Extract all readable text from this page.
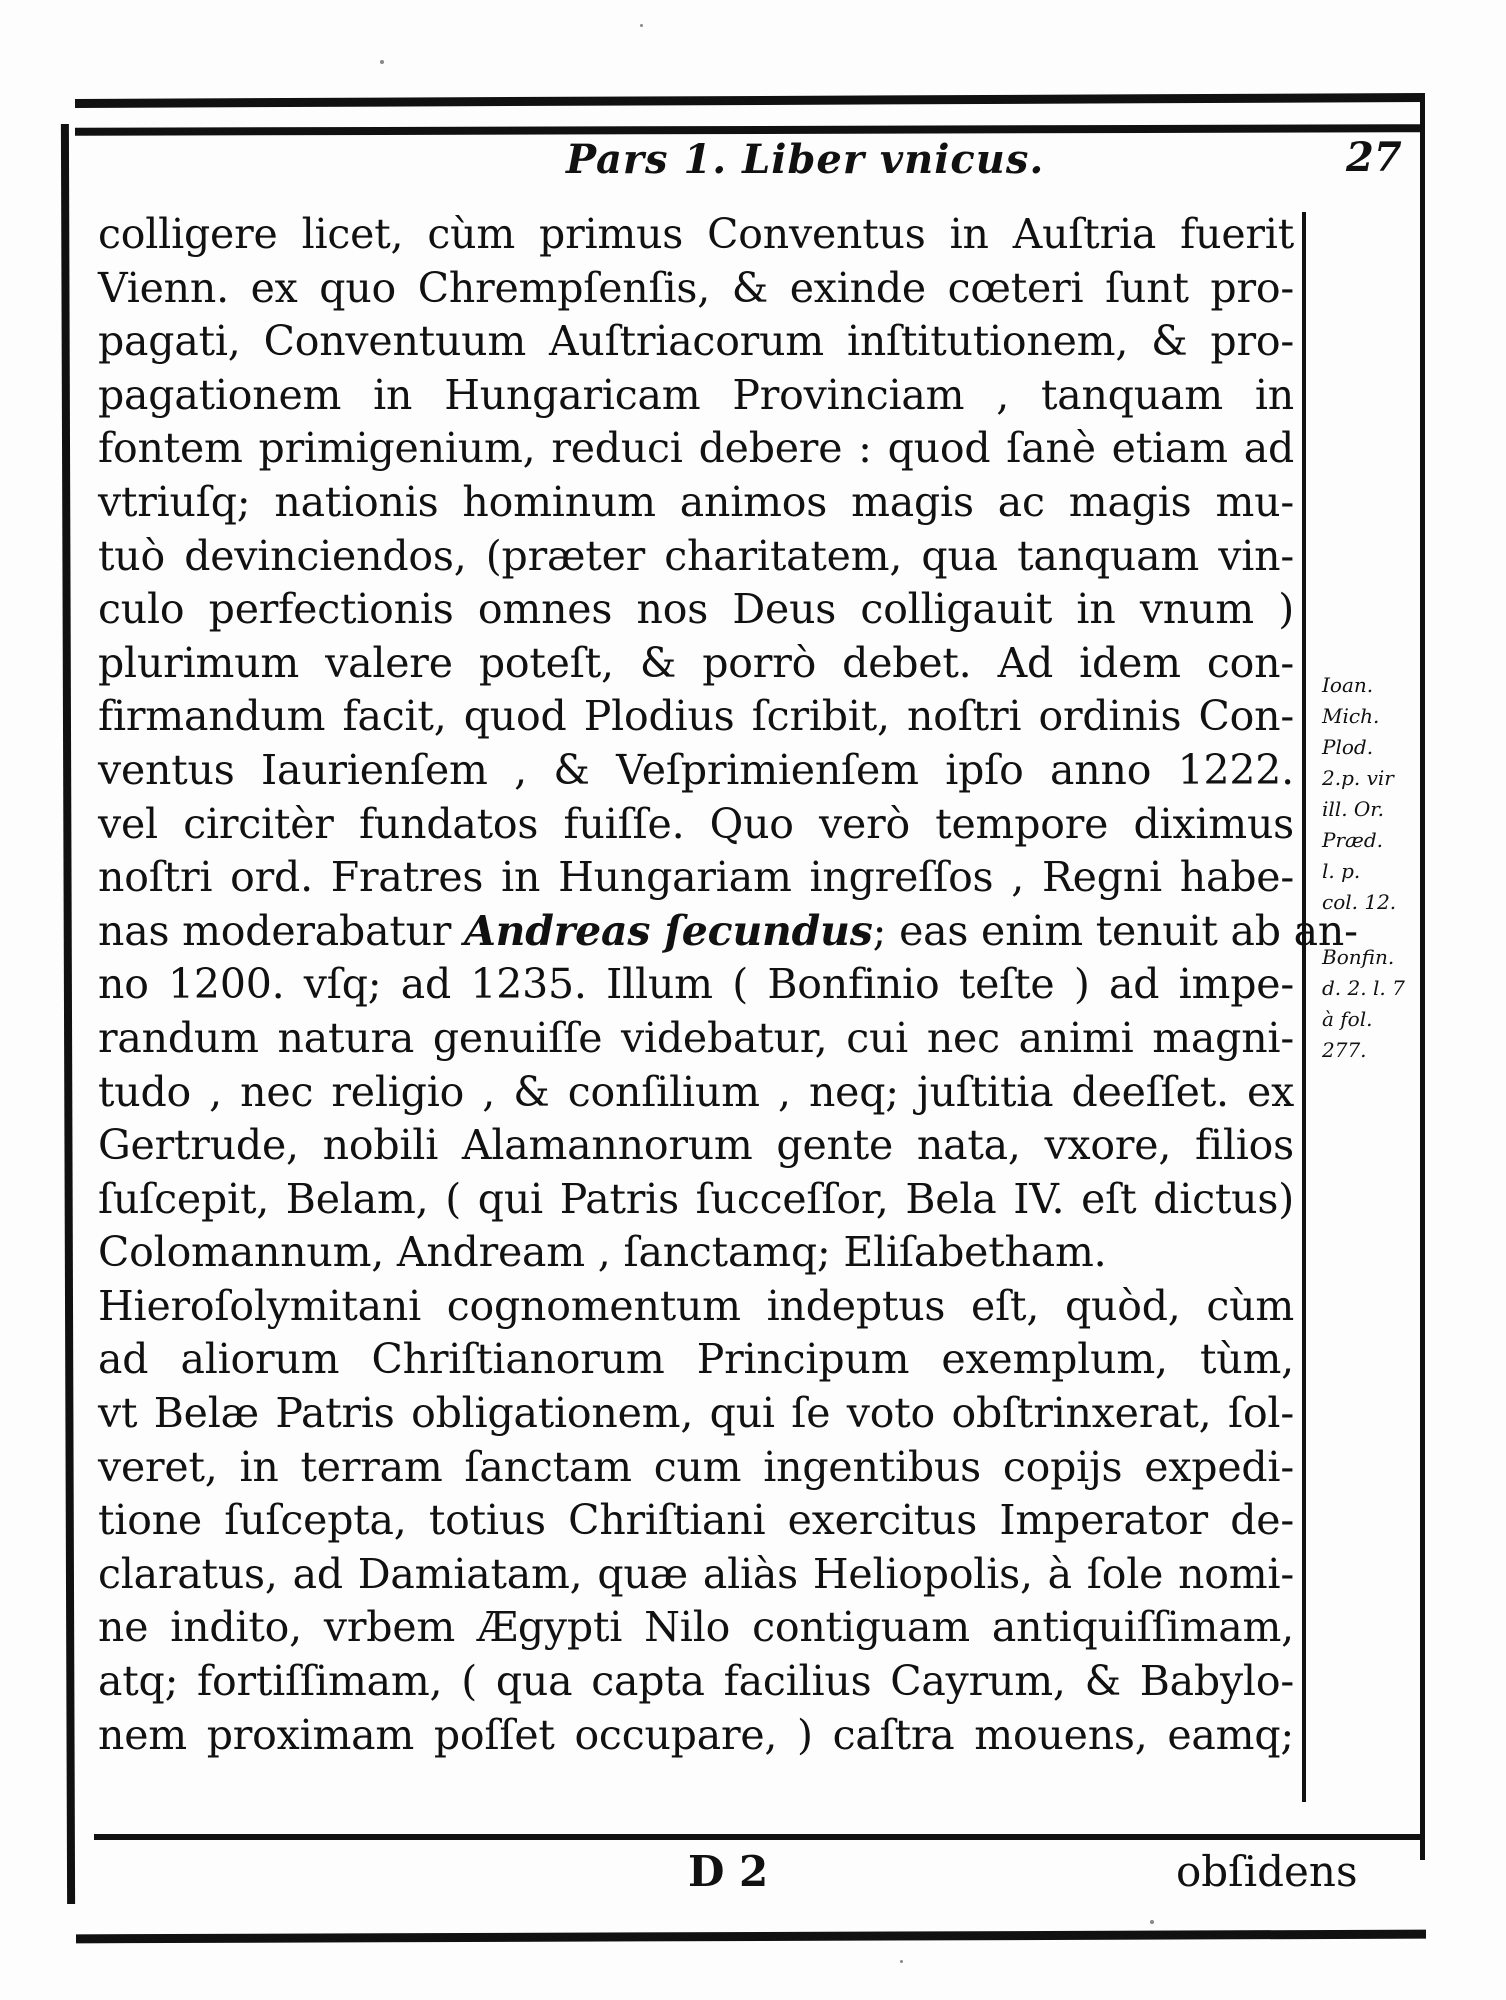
Pars 1. Liber vnicus.	27
colligere licet, cùm primus Conventus in Auſtria fuerit
Vienn. ex quo Chrempſenſis, & exinde cœteri ſunt pro-
pagati, Conventuum Auſtriacorum inſtitutionem, & pro-
pagationem in Hungaricam Provinciam , tanquam in
fontem primigenium, reduci debere : quod ſanè etiam ad
vtriuſq; nationis hominum animos magis ac magis mu-
tuò devinciendos, (præter charitatem, qua tanquam vin-
culo perfectionis omnes nos Deus colligauit in vnum )
plurimum valere poteſt, & porrò debet. Ad idem con-
firmandum facit, quod Plodius ſcribit, noſtri ordinis Con-
ventus Iaurienſem , & Veſprimienſem ipſo anno 1222.
vel circitèr fundatos fuiſſe. Quo verò tempore diximus
noſtri ord. Fratres in Hungariam ingreſſos , Regni habe-
nas moderabatur Andreas ſecundus; eas enim tenuit ab an-
no 1200. vſq; ad 1235. Illum ( Bonfinio teſte ) ad impe-
randum natura genuiſſe videbatur, cui nec animi magni-
tudo , nec religio , & conſilium , neq; juſtitia deeſſet. ex
Gertrude, nobili Alamannorum gente nata, vxore, filios
ſuſcepit, Belam, ( qui Patris ſucceſſor, Bela IV. eſt dictus)
Colomannum, Andream , ſanctamq; Eliſabetham.
Hieroſolymitani cognomentum indeptus eſt, quòd, cùm
ad aliorum Chriſtianorum Principum exemplum, tùm,
vt Belæ Patris obligationem, qui ſe voto obſtrinxerat, ſol-
veret, in terram ſanctam cum ingentibus copijs expedi-
tione ſuſcepta, totius Chriſtiani exercitus Imperator de-
claratus, ad Damiatam, quæ aliàs Heliopolis, à ſole nomi-
ne indito, vrbem Ægypti Nilo contiguam antiquiſſimam,
atq; fortiſſimam, ( qua capta facilius Cayrum, & Babylo-
nem proximam poſſet occupare, ) caſtra mouens, eamq;
Ioan.
Mich.
Plod.
2.p. vir
ill. Or.
Præd.
l. p.
col. 12.
Bonfin.
d. 2. l. 7
à fol.
277.
D 2	obſidens
